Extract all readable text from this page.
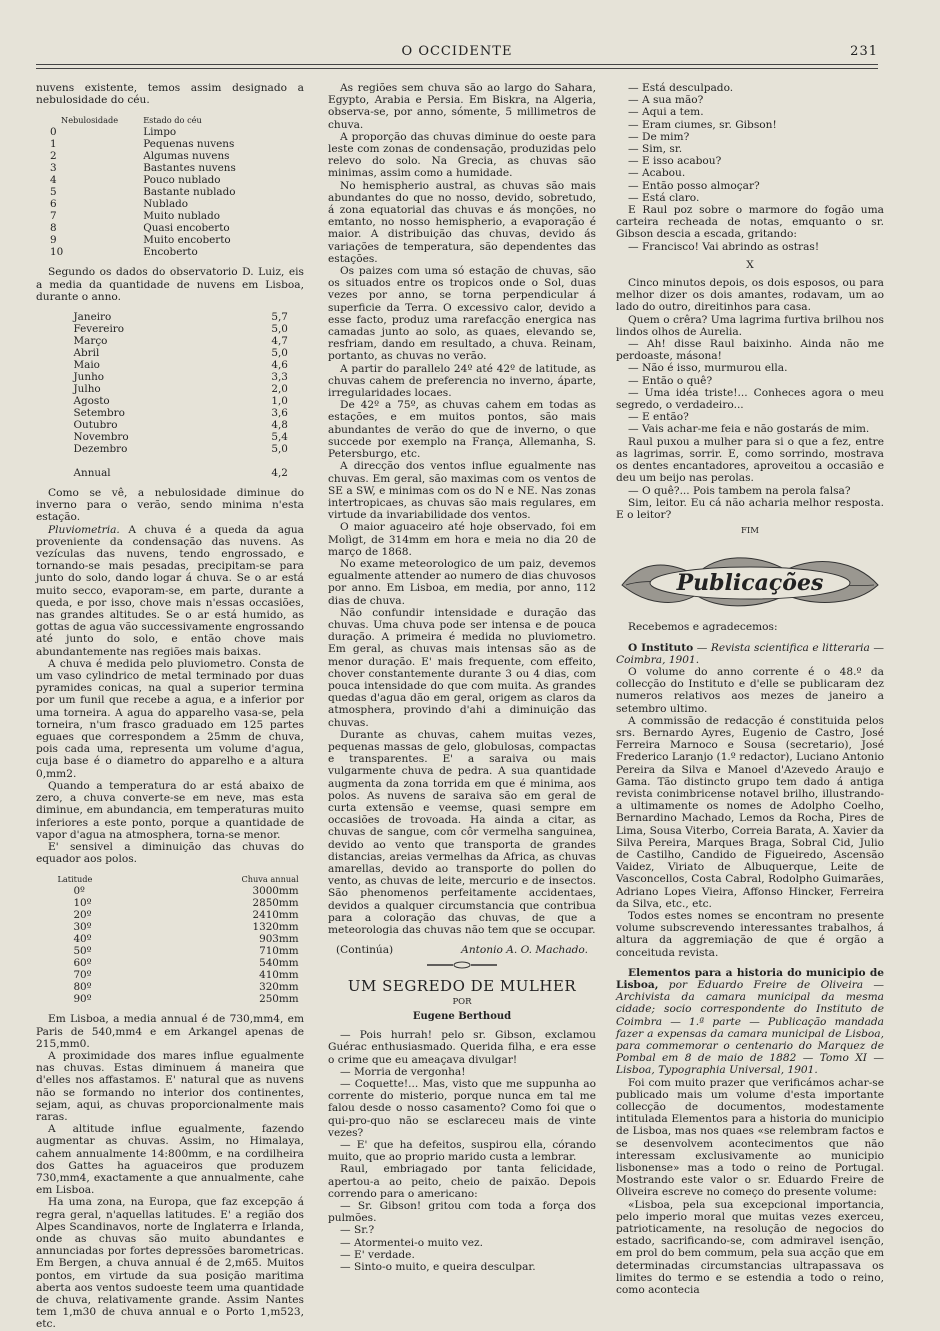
O OCCIDENTE	231

nuvens existente, temos assim designado a nebulosidade do céu.

Nebulosidade	Estado do céu
0	Limpo
1	Pequenas nuvens
2	Algumas nuvens
3	Bastantes nuvens
4	Pouco nublado
5	Bastante nublado
6	Nublado
7	Muito nublado
8	Quasi encoberto
9	Muito encoberto
10	Encoberto

Segundo os dados do observatorio D. Luiz, eis a media da quantidade de nuvens em Lisboa, durante o anno.

Janeiro	5,7
Fevereiro	5,0
Março	4,7
Abril	5,0
Maio	4,6
Junho	3,3
Julho	2,0
Agosto	1,0
Setembro	3,6
Outubro	4,8
Novembro	5,4
Dezembro	5,0

Annual	4,2

Como se vê, a nebulosidade diminue do inverno para o verão, sendo minima n'esta estação.

Pluviometria. A chuva é a queda da agua proveniente da condensação das nuvens. As vezículas das nuvens, tendo engrossado, e tornando-se mais pesadas, precipitam-se para junto do solo, dando logar á chuva. Se o ar está muito secco, evaporam-se, em parte, durante a queda, e por isso, chove mais n'essas occasiões, nas grandes altitudes. Se o ar está humido, as gottas de agua vão successivamente engrossando até junto do solo, e então chove mais abundantemente nas regiões mais baixas.

A chuva é medida pelo pluviometro. Consta de um vaso cylindrico de metal terminado por duas pyramides conicas, na qual a superior termina por um funil que recebe a agua, e a inferior por uma torneira. A agua do apparelho vasa-se, pela torneira, n'um frasco graduado em 125 partes eguaes que correspondem a 25mm de chuva, pois cada uma, representa um volume d'agua, cuja base é o diametro do apparelho e a altura 0,mm2.

Quando a temperatura do ar está abaixo de zero, a chuva converte-se em neve, mas esta diminue, em abundancia, em temperaturas muito inferiores a este ponto, porque a quantidade de vapor d'agua na atmosphera, torna-se menor.

E' sensivel a diminuição das chuvas do equador aos polos.

Latitude	Chuva annual
0º	3000mm
10º	2850mm
20º	2410mm
30º	1320mm
40º	903mm
50º	710mm
60º	540mm
70º	410mm
80º	320mm
90º	250mm

Em Lisboa, a media annual é de 730,mm4, em Paris de 540,mm4 e em Arkangel apenas de 215,mm0.

A proximidade dos mares influe egualmente nas chuvas. Estas diminuem á maneira que d'elles nos affastamos. E' natural que as nuvens não se formando no interior dos continentes, sejam, aqui, as chuvas proporcionalmente mais raras.

A altitude influe egualmente, fazendo augmentar as chuvas. Assim, no Himalaya, cahem annualmente 14:800mm, e na cordilheira dos Gattes ha aguaceiros que produzem 730,mm4, exactamente a que annualmente, cahe em Lisboa.

Ha uma zona, na Europa, que faz excepção á regra geral, n'aquellas latitudes. E' a região dos Alpes Scandinavos, norte de Inglaterra e Irlanda, onde as chuvas são muito abundantes e annunciadas por fortes depressões barometricas. Em Bergen, a chuva annual é de 2,m65. Muitos pontos, em virtude da sua posição maritima aberta aos ventos sudoeste teem uma quantidade de chuva, relativamente grande. Assim Nantes tem 1,m30 de chuva annual e o Porto 1,m523, etc.

As regiões sem chuva são ao largo do Sahara, Egypto, Arabia e Persia. Em Biskra, na Algeria, observa-se, por anno, sómente, 5 millimetros de chuva.

A proporção das chuvas diminue do oeste para leste com zonas de condensação, produzidas pelo relevo do solo. Na Grecia, as chuvas são minimas, assim como a humidade.

No hemispherio austral, as chuvas são mais abundantes do que no nosso, devido, sobretudo, á zona equatorial das chuvas e ás monções, no emtanto, no nosso hemispherio, a evaporação é maior. A distribuição das chuvas, devido ás variações de temperatura, são dependentes das estações.

Os paizes com uma só estação de chuvas, são os situados entre os tropicos onde o Sol, duas vezes por anno, se torna perpendicular á superficie da Terra. O excessivo calor, devido a esse facto, produz uma rarefacção energica nas camadas junto ao solo, as quaes, elevando se, resfriam, dando em resultado, a chuva. Reinam, portanto, as chuvas no verão.

A partir do parallelo 24º até 42º de latitude, as chuvas cahem de preferencia no inverno, áparte, irregularidades locaes.

De 42º a 75º, as chuvas cahem em todas as estações, e em muitos pontos, são mais abundantes de verão do que de inverno, o que succede por exemplo na França, Allemanha, S. Petersburgo, etc.

A direcção dos ventos influe egualmente nas chuvas. Em geral, são maximas com os ventos de SE a SW, e minimas com os do N e NE. Nas zonas intertropicaes, as chuvas são mais regulares, em virtude da invariabilidade dos ventos.

O maior aguaceiro até hoje observado, foi em Molìgt, de 314mm em hora e meia no dia 20 de março de 1868.

No exame meteorologico de um paiz, devemos egualmente attender ao numero de dias chuvosos por anno. Em Lisboa, em media, por anno, 112 dias de chuva.

Não confundir intensidade e duração das chuvas. Uma chuva pode ser intensa e de pouca duração. A primeira é medida no pluviometro. Em geral, as chuvas mais intensas são as de menor duração. E' mais frequente, com effeito, chover constantemente durante 3 ou 4 dias, com pouca intensidade do que com muita. As grandes quedas d'agua dão em geral, origem as claros da atmosphera, provindo d'ahi a diminuição das chuvas.

Durante as chuvas, cahem muitas vezes, pequenas massas de gelo, globulosas, compactas e transparentes. E' a saraiva ou mais vulgarmente chuva de pedra. A sua quantidade augmenta da zona torrida em que é minima, aos polos. As nuvens de saraiva são em geral de curta extensão e veemse, quasi sempre em occasiões de trovoada. Ha ainda a citar, as chuvas de sangue, com côr vermelha sanguinea, devido ao vento que transporta de grandes distancias, areias vermelhas da Africa, as chuvas amarellas, devido ao transporte do pollen do vento, as chuvas de leite, mercurio e de insectos. São phenomenos perfeitamente accidentaes, devidos a qualquer circumstancia que contribua para a coloração das chuvas, de que a meteorologia das chuvas não tem que se occupar.

(Continúa)	Antonio A. O. Machado.
UM SEGREDO DE MULHER
POR
Eugene Berthoud

— Pois hurrah! pelo sr. Gibson, exclamou Guérac enthusiasmado. Querida filha, e era esse o crime que eu ameaçava divulgar!

— Morria de vergonha!

— Coquette!... Mas, visto que me suppunha ao corrente do misterio, porque nunca em tal me falou desde o nosso casamento? Como foi que o qui-pro-quo não se esclareceu mais de vinte vezes?

— E' que ha defeitos, suspirou ella, córando muito, que ao proprio marido custa a lembrar.

Raul, embriagado por tanta felicidade, apertou-a ao peito, cheio de paixão. Depois correndo para o americano:

— Sr. Gibson! gritou com toda a força dos pulmões.

— Sr.?

— Atormentei-o muito vez.

— E' verdade.

— Sinto-o muito, e queira desculpar.

— Está desculpado.

— A sua mão?

— Aqui a tem.

— Eram ciumes, sr. Gibson!

— De mim?

— Sim, sr.

— E isso acabou?

— Acabou.

— Então posso almoçar?

— Está claro.

E Raul poz sobre o marmore do fogão uma carteira recheada de notas, emquanto o sr. Gibson descia a escada, gritando:

— Francisco! Vai abrindo as ostras!

X

Cinco minutos depois, os dois esposos, ou para melhor dizer os dois amantes, rodavam, um ao lado do outro, direitinhos para casa.

Quem o crêra? Uma lagrima furtiva brilhou nos lindos olhos de Aurelia.

— Ah! disse Raul baixinho. Ainda não me perdoaste, másona!

— Não é isso, murmurou ella.

— Então o quê?

— Uma idéa triste!... Conheces agora o meu segredo, o verdadeiro...

— E então?

— Vais achar-me feia e não gostarás de mim.

Raul puxou a mulher para si o que a fez, entre as lagrimas, sorrir. E, como sorrindo, mostrava os dentes encantadores, aproveitou a occasião e deu um beijo nas perolas.

— O quê?... Pois tambem na perola falsa?

Sim, leitor. Eu cá não acharia melhor resposta. E o leitor?

FIM
Publicações

Recebemos e agradecemos:

O Instituto — Revista scientifica e litteraria — Coimbra, 1901.

O volume do anno corrente é o 48.º da collecção do Instituto e d'elle se publicaram dez numeros relativos aos mezes de janeiro a setembro ultimo.

A commissão de redacção é constituida pelos srs. Bernardo Ayres, Eugenio de Castro, José Ferreira Marnoco e Sousa (secretario), José Frederico Laranjo (1.º redactor), Luciano Antonio Pereira da Silva e Manoel d'Azevedo Araujo e Gama. Tão distincto grupo tem dado á antiga revista conimbricense notavel brilho, illustrando-a ultimamente os nomes de Adolpho Coelho, Bernardino Machado, Lemos da Rocha, Pires de Lima, Sousa Viterbo, Correia Barata, A. Xavier da Silva Pereira, Marques Braga, Sobral Cid, Julio de Castilho, Candido de Figueiredo, Ascensão Vaidez, Viriato de Albuquerque, Leite de Vasconcellos, Costa Cabral, Rodolpho Guimarães, Adriano Lopes Vieira, Affonso Hincker, Ferreira da Silva, etc., etc.

Todos estes nomes se encontram no presente volume subscrevendo interessantes trabalhos, á altura da aggremiação de que é orgão a conceituda revista.

Elementos para a historia do municipio de Lisboa, por Eduardo Freire de Oliveira — Archivista da camara municipal da mesma cidade; socio correspondente do Instituto de Coimbra — 1.ª parte — Publicação mandada fazer a expensas da camara municipal de Lisboa, para commemorar o centenario do Marquez de Pombal em 8 de maio de 1882 — Tomo XI — Lisboa, Typographia Universal, 1901.

Foi com muito prazer que verificámos achar-se publicado mais um volume d'esta importante collecção de documentos, modestamente intitulada Elementos para a historia do municipio de Lisboa, mas nos quaes «se relembram factos e se desenvolvem acontecimentos que não interessam exclusivamente ao municipio lisbonense» mas a todo o reino de Portugal. Mostrando este valor o sr. Eduardo Freire de Oliveira escreve no começo do presente volume:

«Lisboa, pela sua excepcional importancia, pelo imperio moral que muitas vezes exerceu, patrioticamente, na resolução de negocios do estado, sacrificando-se, com admiravel isenção, em prol do bem commum, pela sua acção que em determinadas circumstancias ultrapassava os limites do termo e se estendia a todo o reino, como acontecia
